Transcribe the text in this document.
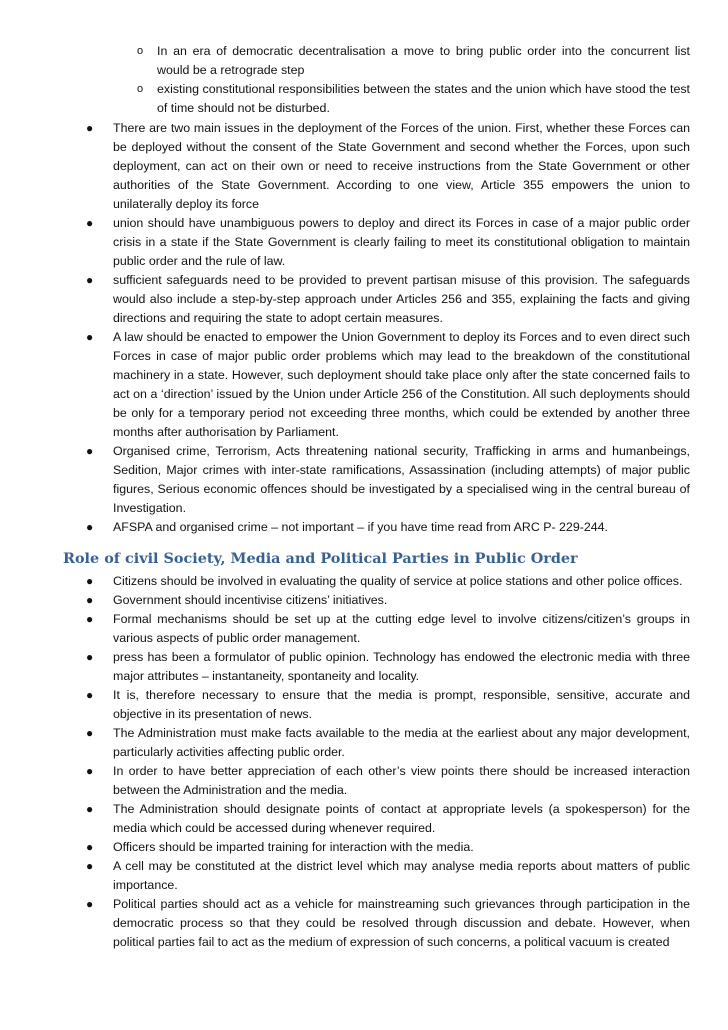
o In an era of democratic decentralisation a move to bring public order into the concurrent list would be a retrograde step
o existing constitutional responsibilities between the states and the union which have stood the test of time should not be disturbed.
● There are two main issues in the deployment of the Forces of the union. First, whether these Forces can be deployed without the consent of the State Government and second whether the Forces, upon such deployment, can act on their own or need to receive instructions from the State Government or other authorities of the State Government. According to one view, Article 355 empowers the union to unilaterally deploy its force
● union should have unambiguous powers to deploy and direct its Forces in case of a major public order crisis in a state if the State Government is clearly failing to meet its constitutional obligation to maintain public order and the rule of law.
● sufficient safeguards need to be provided to prevent partisan misuse of this provision. The safeguards would also include a step-by-step approach under Articles 256 and 355, explaining the facts and giving directions and requiring the state to adopt certain measures.
● A law should be enacted to empower the Union Government to deploy its Forces and to even direct such Forces in case of major public order problems which may lead to the breakdown of the constitutional machinery in a state. However, such deployment should take place only after the state concerned fails to act on a ‘direction’ issued by the Union under Article 256 of the Constitution. All such deployments should be only for a temporary period not exceeding three months, which could be extended by another three months after authorisation by Parliament.
● Organised crime, Terrorism, Acts threatening national security, Trafficking in arms and humanbeings, Sedition, Major crimes with inter-state ramifications, Assassination (including attempts) of major public figures, Serious economic offences should be investigated by a specialised wing in the central bureau of Investigation.
● AFSPA and organised crime – not important – if you have time read from ARC P- 229-244.
Role of civil Society, Media and Political Parties in Public Order
● Citizens should be involved in evaluating the quality of service at police stations and other police offices.
● Government should incentivise citizens’ initiatives.
● Formal mechanisms should be set up at the cutting edge level to involve citizens/citizen’s groups in various aspects of public order management.
● press has been a formulator of public opinion. Technology has endowed the electronic media with three major attributes – instantaneity, spontaneity and locality.
● It is, therefore necessary to ensure that the media is prompt, responsible, sensitive, accurate and objective in its presentation of news.
● The Administration must make facts available to the media at the earliest about any major development, particularly activities affecting public order.
● In order to have better appreciation of each other’s view points there should be increased interaction between the Administration and the media.
● The Administration should designate points of contact at appropriate levels (a spokesperson) for the media which could be accessed during whenever required.
● Officers should be imparted training for interaction with the media.
● A cell may be constituted at the district level which may analyse media reports about matters of public importance.
● Political parties should act as a vehicle for mainstreaming such grievances through participation in the democratic process so that they could be resolved through discussion and debate. However, when political parties fail to act as the medium of expression of such concerns, a political vacuum is created
